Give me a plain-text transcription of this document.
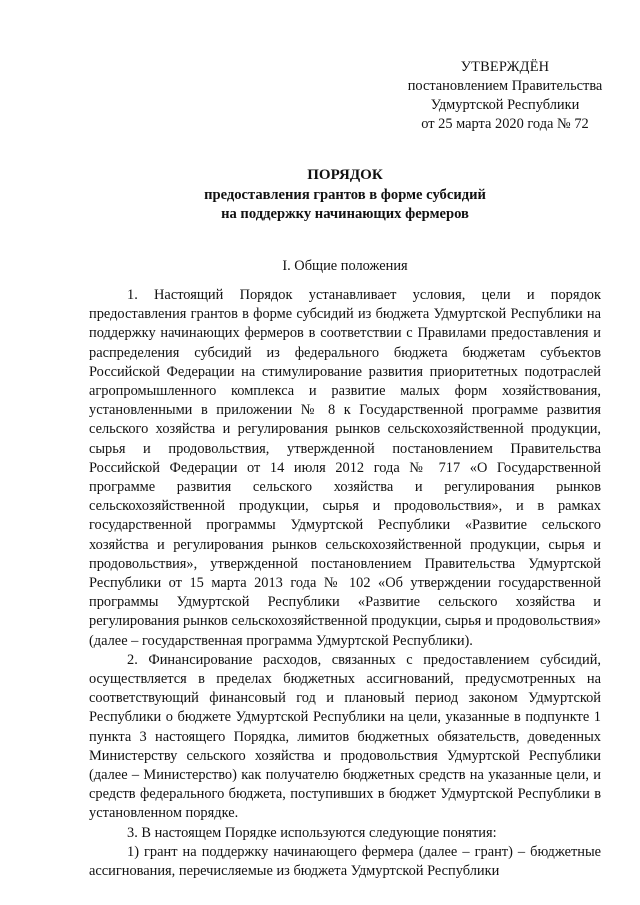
УТВЕРЖДЁН
постановлением Правительства
Удмуртской Республики
от 25 марта 2020 года № 72
ПОРЯДОК
предоставления грантов в форме субсидий
на поддержку начинающих фермеров
I. Общие положения

1. Настоящий Порядок устанавливает условия, цели и порядок предоставления грантов в форме субсидий из бюджета Удмуртской Республики на поддержку начинающих фермеров в соответствии с Правилами предоставления и распределения субсидий из федерального бюджета бюджетам субъектов Российской Федерации на стимулирование развития приоритетных подотраслей агропромышленного комплекса и развитие малых форм хозяйствования, установленными в приложении № 8 к Государственной программе развития сельского хозяйства и регулирования рынков сельскохозяйственной продукции, сырья и продовольствия, утвержденной постановлением Правительства Российской Федерации от 14 июля 2012 года № 717 «О Государственной программе развития сельского хозяйства и регулирования рынков сельскохозяйственной продукции, сырья и продовольствия», и в рамках государственной программы Удмуртской Республики «Развитие сельского хозяйства и регулирования рынков сельскохозяйственной продукции, сырья и продовольствия», утвержденной постановлением Правительства Удмуртской Республики от 15 марта 2013 года № 102 «Об утверждении государственной программы Удмуртской Республики «Развитие сельского хозяйства и регулирования рынков сельскохозяйственной продукции, сырья и продовольствия» (далее – государственная программа Удмуртской Республики).

2. Финансирование расходов, связанных с предоставлением субсидий, осуществляется в пределах бюджетных ассигнований, предусмотренных на соответствующий финансовый год и плановый период законом Удмуртской Республики о бюджете Удмуртской Республики на цели, указанные в подпункте 1 пункта 3 настоящего Порядка, лимитов бюджетных обязательств, доведенных Министерству сельского хозяйства и продовольствия Удмуртской Республики (далее – Министерство) как получателю бюджетных средств на указанные цели, и средств федерального бюджета, поступивших в бюджет Удмуртской Республики в установленном порядке.

3. В настоящем Порядке используются следующие понятия:

1) грант на поддержку начинающего фермера (далее – грант) – бюджетные ассигнования, перечисляемые из бюджета Удмуртской Республики
